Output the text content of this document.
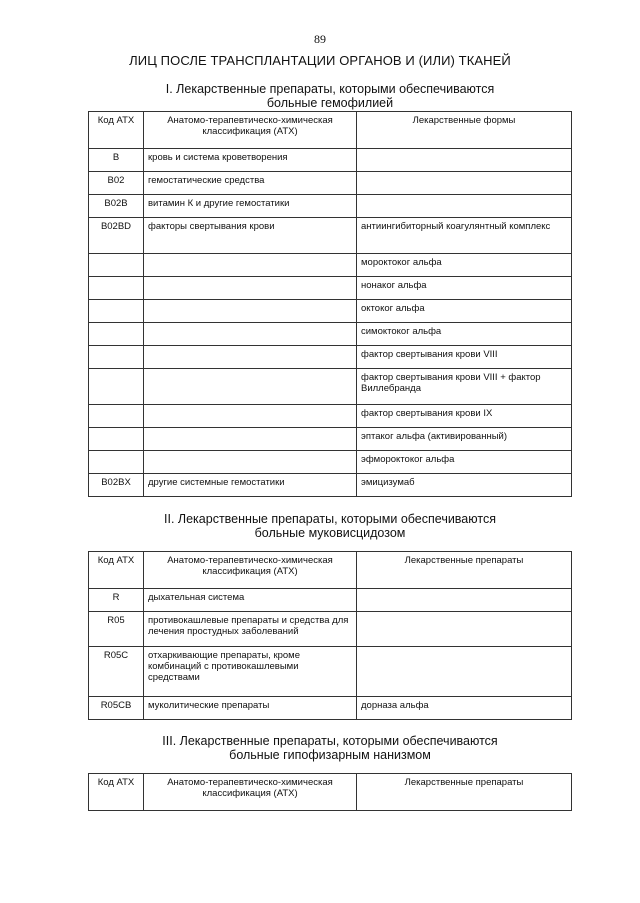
89
ЛИЦ ПОСЛЕ ТРАНСПЛАНТАЦИИ ОРГАНОВ И (ИЛИ) ТКАНЕЙ
I. Лекарственные препараты, которыми обеспечиваются
больные гемофилией
Код АТХ	Анатомо-терапевтическо-химическая классификация (АТХ)	Лекарственные формы
B	кровь и система кроветворения	
B02	гемостатические средства	
B02B	витамин К и другие гемостатики	
B02BD	факторы свертывания крови	антиингибиторный коагулянтный комплекс
		мороктоког альфа
		нонаког альфа
		октоког альфа
		симоктоког альфа
		фактор свертывания крови VIII
		фактор свертывания крови VIII + фактор Виллебранда
		фактор свертывания крови IX
		эптаког альфа (активированный)
		эфмороктоког альфа
B02BX	другие системные гемостатики	эмицизумаб
II. Лекарственные препараты, которыми обеспечиваются
больные муковисцидозом
Код АТХ	Анатомо-терапевтическо-химическая классификация (АТХ)	Лекарственные препараты
R	дыхательная система	
R05	противокашлевые препараты и средства для лечения простудных заболеваний	
R05C	отхаркивающие препараты, кроме комбинаций с противокашлевыми средствами	
R05CB	муколитические препараты	дорназа альфа
III. Лекарственные препараты, которыми обеспечиваются
больные гипофизарным нанизмом
Код АТХ	Анатомо-терапевтическо-химическая классификация (АТХ)	Лекарственные препараты
